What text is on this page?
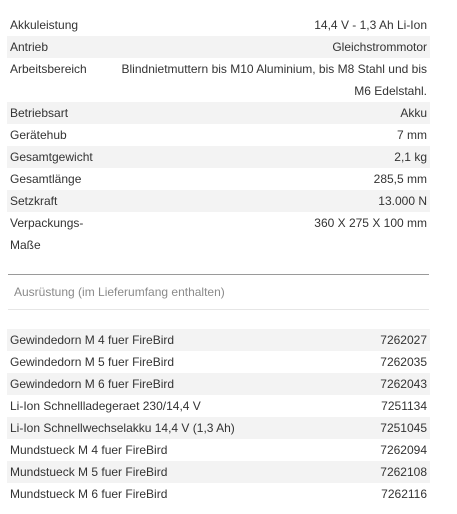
Akkuleistung	14,4 V - 1,3 Ah Li-Ion
Antrieb	Gleichstrommotor
Arbeitsbereich	Blindnietmuttern bis M10 Aluminium, bis M8 Stahl und bis M6 Edelstahl.
Betriebsart	Akku
Gerätehub	7 mm
Gesamtgewicht	2,1 kg
Gesamtlänge	285,5 mm
Setzkraft	13.000 N
Verpackungs-Maße	360 X 275 X 100 mm
Ausrüstung (im Lieferumfang enthalten)
Gewindedorn M 4 fuer FireBird	7262027
Gewindedorn M 5 fuer FireBird	7262035
Gewindedorn M 6 fuer FireBird	7262043
Li-Ion Schnellladegeraet 230/14,4 V	7251134
Li-Ion Schnellwechselakku 14,4 V (1,3 Ah)	7251045
Mundstueck M 4 fuer FireBird	7262094
Mundstueck M 5 fuer FireBird	7262108
Mundstueck M 6 fuer FireBird	7262116
